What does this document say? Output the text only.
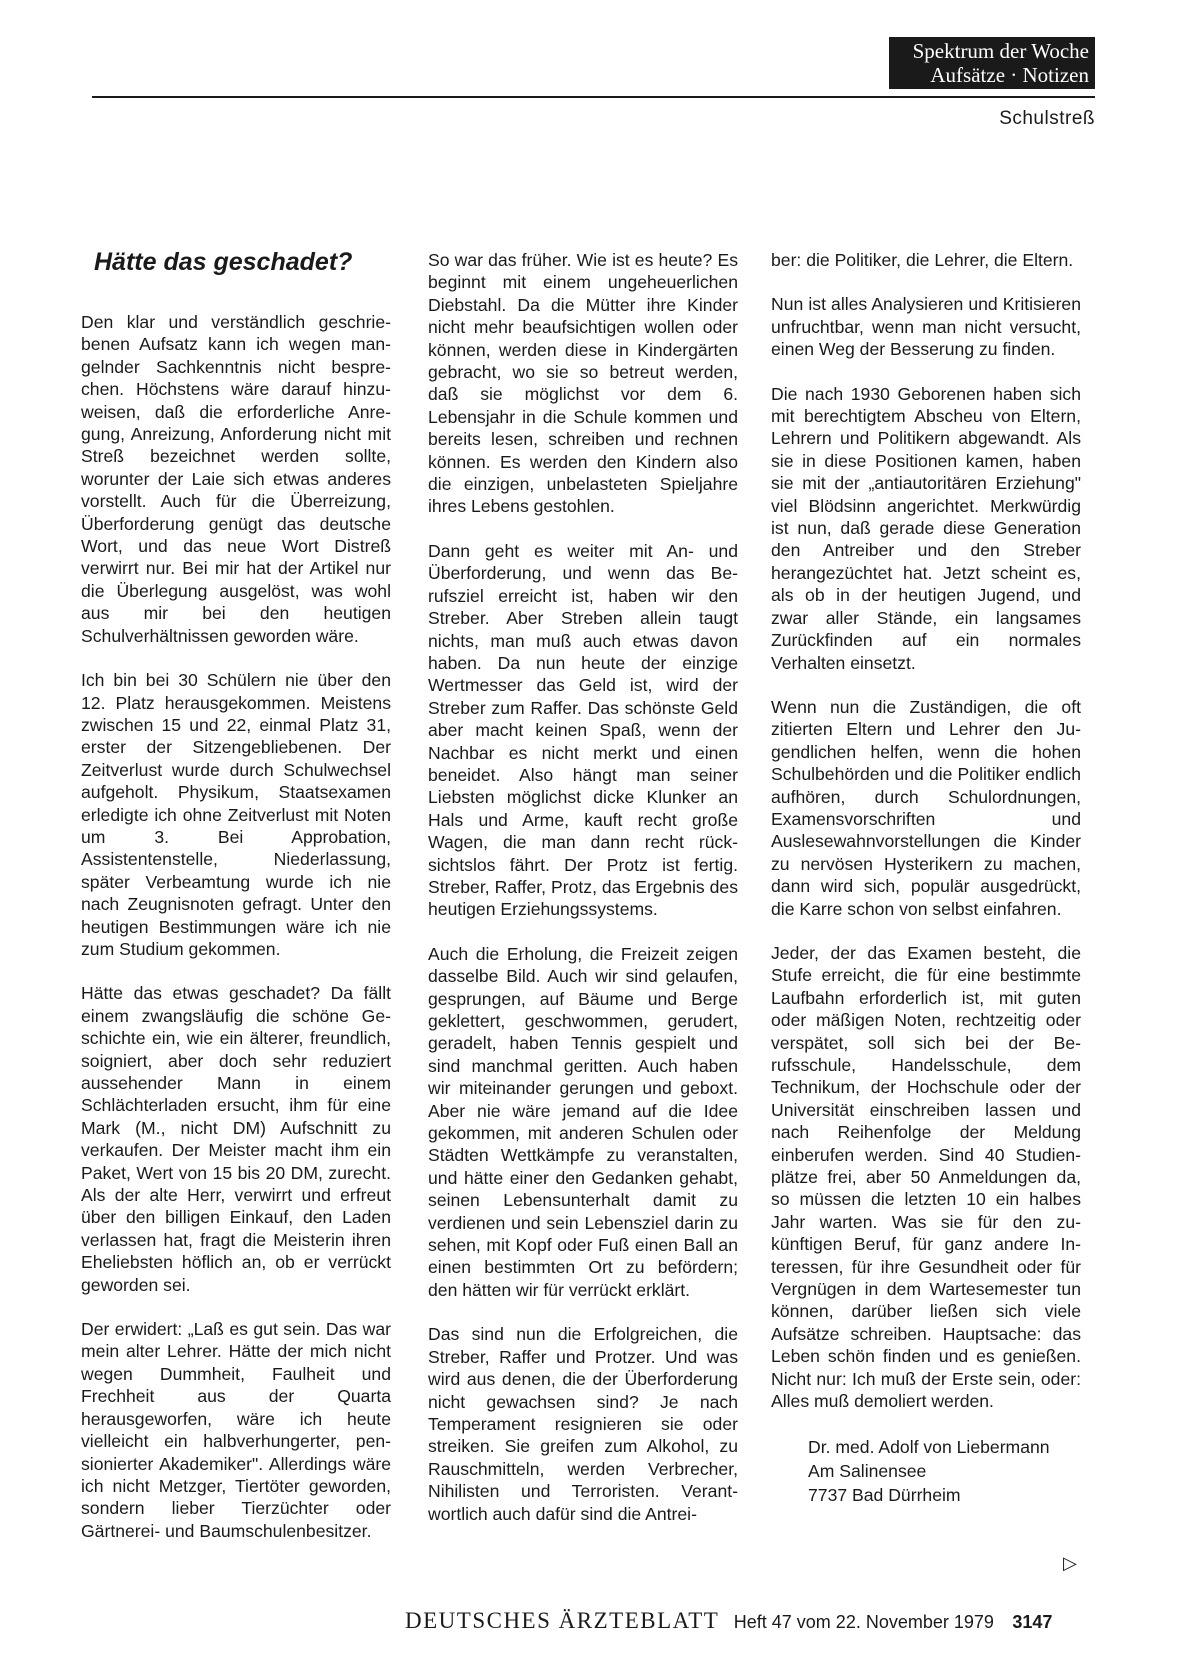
Spektrum der Woche
Aufsätze · Notizen
Schulstreß
Hätte das geschadet?

Den klar und verständlich geschriebenen Aufsatz kann ich wegen mangelnder Sachkenntnis nicht besprechen. Höchstens wäre darauf hinzuweisen, daß die erforderliche Anregung, Anreizung, Anforderung nicht mit Streß bezeichnet werden sollte, worunter der Laie sich etwas anderes vorstellt. Auch für die Überreizung, Überforderung genügt das deutsche Wort, und das neue Wort Distreß verwirrt nur. Bei mir hat der Artikel nur die Überlegung ausgelöst, was wohl aus mir bei den heutigen Schulverhältnissen geworden wäre.

Ich bin bei 30 Schülern nie über den 12. Platz herausgekommen. Meistens zwischen 15 und 22, einmal Platz 31, erster der Sitzengebliebenen. Der Zeitverlust wurde durch Schulwechsel aufgeholt. Physikum, Staatsexamen erledigte ich ohne Zeitverlust mit Noten um 3. Bei Approbation, Assistentenstelle, Niederlassung, später Verbeamtung wurde ich nie nach Zeugnisnoten gefragt. Unter den heutigen Bestimmungen wäre ich nie zum Studium gekommen.

Hätte das etwas geschadet? Da fällt einem zwangsläufig die schöne Geschichte ein, wie ein älterer, freundlich, soigniert, aber doch sehr reduziert aussehender Mann in einem Schlächterladen ersucht, ihm für eine Mark (M., nicht DM) Aufschnitt zu verkaufen. Der Meister macht ihm ein Paket, Wert von 15 bis 20 DM, zurecht. Als der alte Herr, verwirrt und erfreut über den billigen Einkauf, den Laden verlassen hat, fragt die Meisterin ihren Eheliebsten höflich an, ob er verrückt geworden sei.

Der erwidert: „Laß es gut sein. Das war mein alter Lehrer. Hätte der mich nicht wegen Dummheit, Faulheit und Frechheit aus der Quarta herausgeworfen, wäre ich heute vielleicht ein halbverhungerter, pensionierter Akademiker". Allerdings wäre ich nicht Metzger, Tiertöter geworden, sondern lieber Tierzüchter oder Gärtnerei- und Baumschulenbesitzer.

So war das früher. Wie ist es heute? Es beginnt mit einem ungeheuerlichen Diebstahl. Da die Mütter ihre Kinder nicht mehr beaufsichtigen wollen oder können, werden diese in Kindergärten gebracht, wo sie so betreut werden, daß sie möglichst vor dem 6. Lebensjahr in die Schule kommen und bereits lesen, schreiben und rechnen können. Es werden den Kindern also die einzigen, unbelasteten Spieljahre ihres Lebens gestohlen.

Dann geht es weiter mit An- und Überforderung, und wenn das Berufsziel erreicht ist, haben wir den Streber. Aber Streben allein taugt nichts, man muß auch etwas davon haben. Da nun heute der einzige Wertmesser das Geld ist, wird der Streber zum Raffer. Das schönste Geld aber macht keinen Spaß, wenn der Nachbar es nicht merkt und einen beneidet. Also hängt man seiner Liebsten möglichst dicke Klunker an Hals und Arme, kauft recht große Wagen, die man dann recht rücksichtslos fährt. Der Protz ist fertig. Streber, Raffer, Protz, das Ergebnis des heutigen Erziehungssystems.

Auch die Erholung, die Freizeit zeigen dasselbe Bild. Auch wir sind gelaufen, gesprungen, auf Bäume und Berge geklettert, geschwommen, gerudert, geradelt, haben Tennis gespielt und sind manchmal geritten. Auch haben wir miteinander gerungen und geboxt. Aber nie wäre jemand auf die Idee gekommen, mit anderen Schulen oder Städten Wettkämpfe zu veranstalten, und hätte einer den Gedanken gehabt, seinen Lebensunterhalt damit zu verdienen und sein Lebensziel darin zu sehen, mit Kopf oder Fuß einen Ball an einen bestimmten Ort zu befördern; den hätten wir für verrückt erklärt.

Das sind nun die Erfolgreichen, die Streber, Raffer und Protzer. Und was wird aus denen, die der Überforderung nicht gewachsen sind? Je nach Temperament resignieren sie oder streiken. Sie greifen zum Alkohol, zu Rauschmitteln, werden Verbrecher, Nihilisten und Terroristen. Verantwortlich auch dafür sind die Antrei-

ber: die Politiker, die Lehrer, die Eltern.

Nun ist alles Analysieren und Kritisieren unfruchtbar, wenn man nicht versucht, einen Weg der Besserung zu finden.

Die nach 1930 Geborenen haben sich mit berechtigtem Abscheu von Eltern, Lehrern und Politikern abgewandt. Als sie in diese Positionen kamen, haben sie mit der „antiautoritären Erziehung" viel Blödsinn angerichtet. Merkwürdig ist nun, daß gerade diese Generation den Antreiber und den Streber herangezüchtet hat. Jetzt scheint es, als ob in der heutigen Jugend, und zwar aller Stände, ein langsames Zurückfinden auf ein normales Verhalten einsetzt.

Wenn nun die Zuständigen, die oft zitierten Eltern und Lehrer den Jugendlichen helfen, wenn die hohen Schulbehörden und die Politiker endlich aufhören, durch Schulordnungen, Examensvorschriften und Auslesewahnvorstellungen die Kinder zu nervösen Hysterikern zu machen, dann wird sich, populär ausgedrückt, die Karre schon von selbst einfahren.

Jeder, der das Examen besteht, die Stufe erreicht, die für eine bestimmte Laufbahn erforderlich ist, mit guten oder mäßigen Noten, rechtzeitig oder verspätet, soll sich bei der Berufsschule, Handelsschule, dem Technikum, der Hochschule oder der Universität einschreiben lassen und nach Reihenfolge der Meldung einberufen werden. Sind 40 Studienplätze frei, aber 50 Anmeldungen da, so müssen die letzten 10 ein halbes Jahr warten. Was sie für den zukünftigen Beruf, für ganz andere Interessen, für ihre Gesundheit oder für Vergnügen in dem Wartesemеster tun können, darüber ließen sich viele Aufsätze schreiben. Hauptsache: das Leben schön finden und es genießen. Nicht nur: Ich muß der Erste sein, oder: Alles muß demoliert werden.

Dr. med. Adolf von Liebermann
Am Salinensee
7737 Bad Dürrheim
▷
DEUTSCHES ÄRZTEBLATT Heft 47 vom 22. November 1979 3147
